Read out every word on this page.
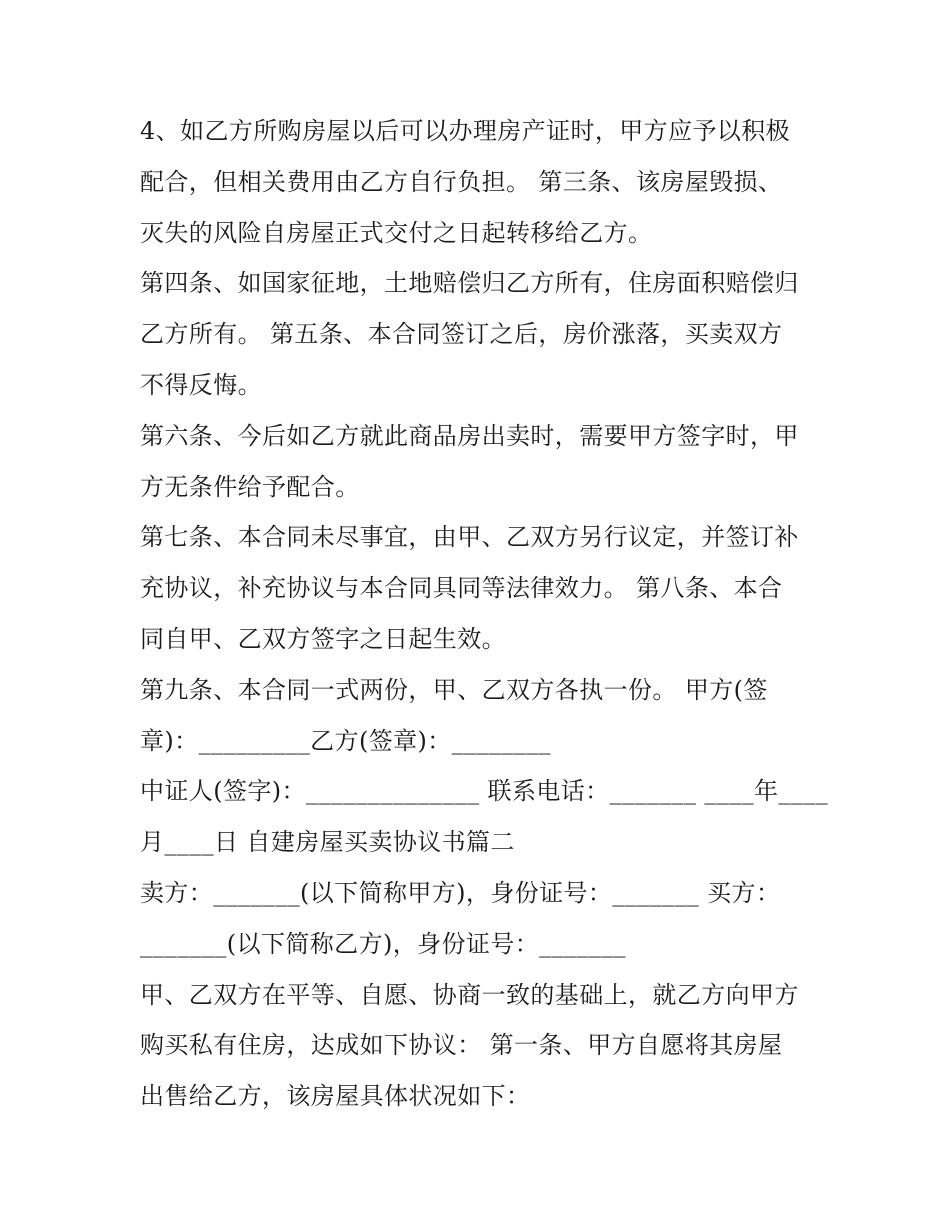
4、如乙方所购房屋以后可以办理房产证时，甲方应予以积极
配合，但相关费用由乙方自行负担。 第三条、该房屋毁损、
灭失的风险自房屋正式交付之日起转移给乙方。
第四条、如国家征地，土地赔偿归乙方所有，住房面积赔偿归
乙方所有。 第五条、本合同签订之后，房价涨落，买卖双方
不得反悔。
第六条、今后如乙方就此商品房出卖时，需要甲方签字时，甲
方无条件给予配合。
第七条、本合同未尽事宜，由甲、乙双方另行议定，并签订补
充协议，补充协议与本合同具同等法律效力。 第八条、本合
同自甲、乙双方签字之日起生效。
第九条、本合同一式两份，甲、乙双方各执一份。 甲方(签
章)：_________乙方(签章)：________
中证人(签字)：______________ 联系电话：_______ ____年____
月____日 自建房屋买卖协议书篇二
卖方：_______(以下简称甲方)，身份证号：_______ 买方：
_______(以下简称乙方)，身份证号：_______
甲、乙双方在平等、自愿、协商一致的基础上，就乙方向甲方
购买私有住房，达成如下协议： 第一条、甲方自愿将其房屋
出售给乙方，该房屋具体状况如下：
